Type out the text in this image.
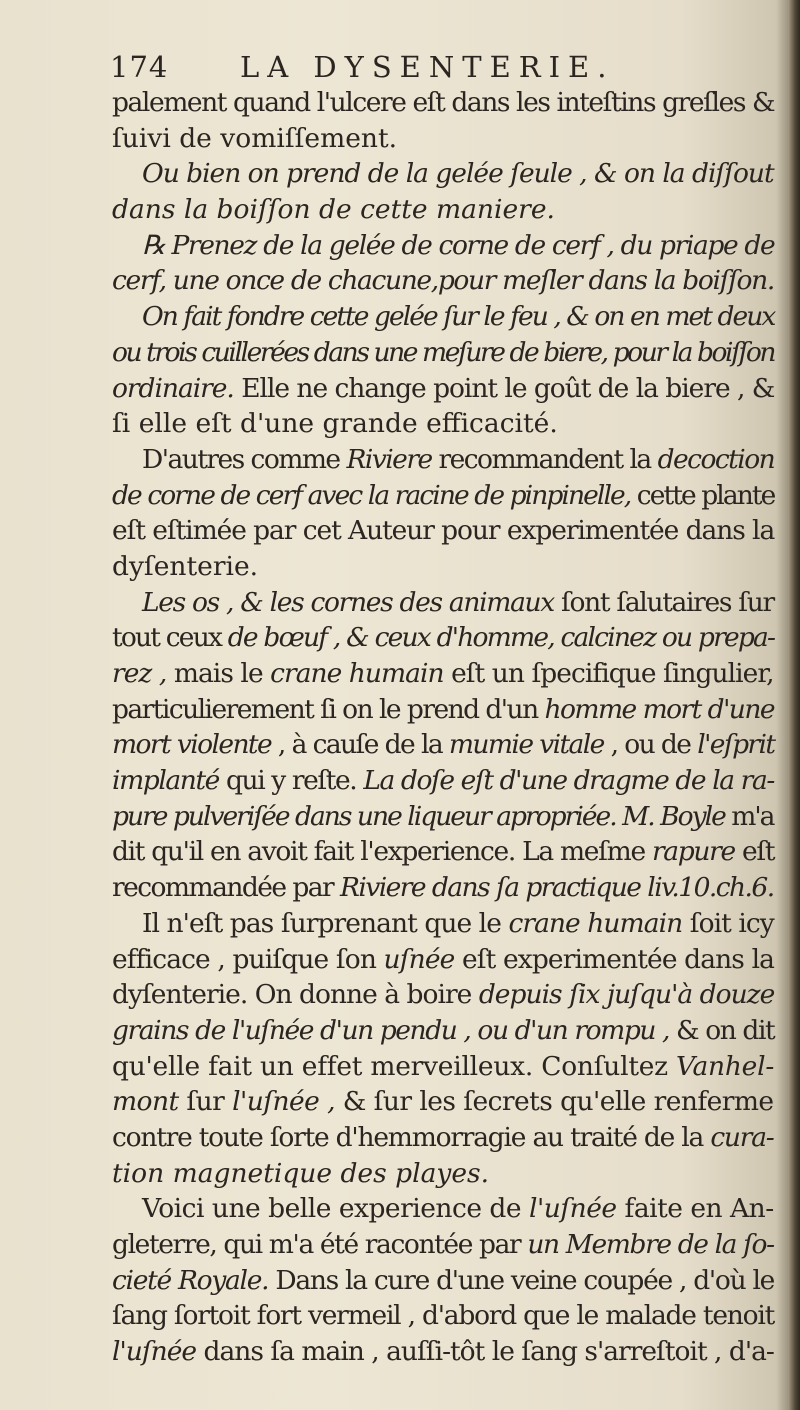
174 LA DYSENTERIE.
palement quand l'ulcere eſt dans les inteſtins greſles &
ſuivi de vomiſſement.
Ou bien on prend de la gelée ſeule , & on la diſſout
dans la boiſſon de cette maniere.
℞ Prenez de la gelée de corne de cerf , du priape de
cerf, une once de chacune,pour meſler dans la boiſſon.
On fait fondre cette gelée ſur le feu , & on en met deux
ou trois cuillerées dans une meſure de biere, pour la boiſſon
ordinaire. Elle ne change point le goût de la biere , &
ſi elle eſt d'une grande efficacité.
D'autres comme Riviere recommandent la decoction
de corne de cerf avec la racine de pinpinelle, cette plante
eſt eſtimée par cet Auteur pour experimentée dans la
dyſenterie.
Les os , & les cornes des animaux ſont ſalutaires ſur
tout ceux de bœuf , & ceux d'homme, calcinez ou prepa-
rez , mais le crane humain eſt un ſpecifique ſingulier,
particulierement ſi on le prend d'un homme mort d'une
mort violente , à cauſe de la mumie vitale , ou de l'eſprit
implanté qui y reſte. La doſe eſt d'une dragme de la ra-
pure pulveriſée dans une liqueur apropriée. M. Boyle m'a
dit qu'il en avoit fait l'experience. La meſme rapure eſt
recommandée par Riviere dans ſa practique liv.10.ch.6.
Il n'eſt pas ſurprenant que le crane humain ſoit icy
efficace , puiſque ſon uſnée eſt experimentée dans la
dyſenterie. On donne à boire depuis ſix juſqu'à douze
grains de l'uſnée d'un pendu , ou d'un rompu , & on dit
qu'elle fait un effet merveilleux. Conſultez Vanhel-
mont ſur l'uſnée , & ſur les ſecrets qu'elle renferme
contre toute ſorte d'hemmorragie au traité de la cura-
tion magnetique des playes.
Voici une belle experience de l'uſnée faite en An-
gleterre, qui m'a été racontée par un Membre de la ſo-
cieté Royale. Dans la cure d'une veine coupée , d'où le
ſang ſortoit fort vermeil , d'abord que le malade tenoit
l'uſnée dans ſa main , auſſi-tôt le ſang s'arreſtoit , d'a-
